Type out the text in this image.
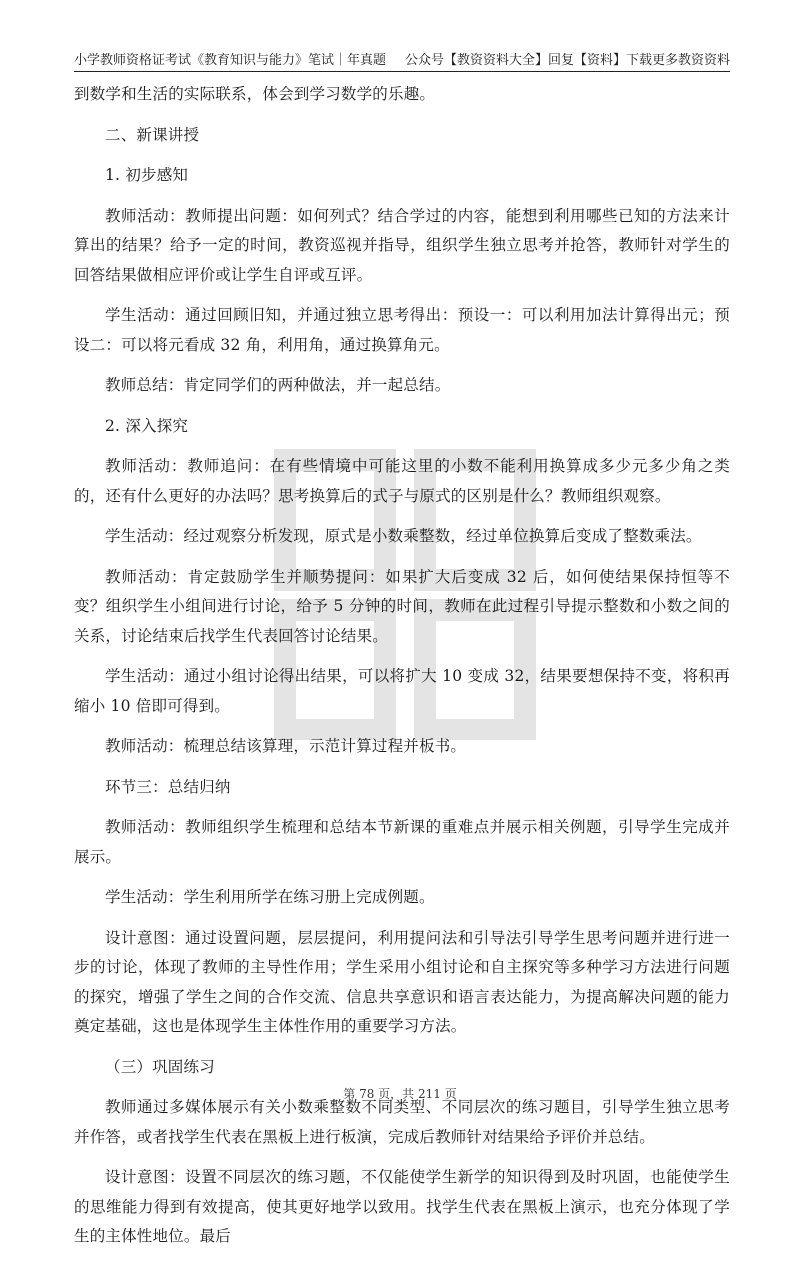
小学教师资格证考试《教育知识与能力》笔试｜年真题 公众号【教资资料大全】回复【资料】下载更多教资资料

到数学和生活的实际联系，体会到学习数学的乐趣。

二、新课讲授

1. 初步感知

教师活动：教师提出问题：如何列式？结合学过的内容，能想到利用哪些已知的方法来计算出的结果？给予一定的时间，教资巡视并指导，组织学生独立思考并抢答，教师针对学生的回答结果做相应评价或让学生自评或互评。

学生活动：通过回顾旧知，并通过独立思考得出：预设一：可以利用加法计算得出元；预设二：可以将元看成 32 角，利用角，通过换算角元。

教师总结：肯定同学们的两种做法，并一起总结。

2. 深入探究

教师活动：教师追问：在有些情境中可能这里的小数不能利用换算成多少元多少角之类的，还有什么更好的办法吗？思考换算后的式子与原式的区别是什么？教师组织观察。

学生活动：经过观察分析发现，原式是小数乘整数，经过单位换算后变成了整数乘法。

教师活动：肯定鼓励学生并顺势提问：如果扩大后变成 32 后，如何使结果保持恒等不变？组织学生小组间进行讨论，给予 5 分钟的时间，教师在此过程引导提示整数和小数之间的关系，讨论结束后找学生代表回答讨论结果。

学生活动：通过小组讨论得出结果，可以将扩大 10 变成 32，结果要想保持不变，将积再缩小 10 倍即可得到。

教师活动：梳理总结该算理，示范计算过程并板书。

环节三：总结归纳

教师活动：教师组织学生梳理和总结本节新课的重难点并展示相关例题，引导学生完成并展示。

学生活动：学生利用所学在练习册上完成例题。

设计意图：通过设置问题，层层提问，利用提问法和引导法引导学生思考问题并进行进一步的讨论，体现了教师的主导性作用；学生采用小组讨论和自主探究等多种学习方法进行问题的探究，增强了学生之间的合作交流、信息共享意识和语言表达能力，为提高解决问题的能力奠定基础，这也是体现学生主体性作用的重要学习方法。

（三）巩固练习

教师通过多媒体展示有关小数乘整数不同类型、不同层次的练习题目，引导学生独立思考并作答，或者找学生代表在黑板上进行板演，完成后教师针对结果给予评价并总结。

设计意图：设置不同层次的练习题，不仅能使学生新学的知识得到及时巩固，也能使学生的思维能力得到有效提高，使其更好地学以致用。找学生代表在黑板上演示，也充分体现了学生的主体性地位。最后

第 78 页，共 211 页
